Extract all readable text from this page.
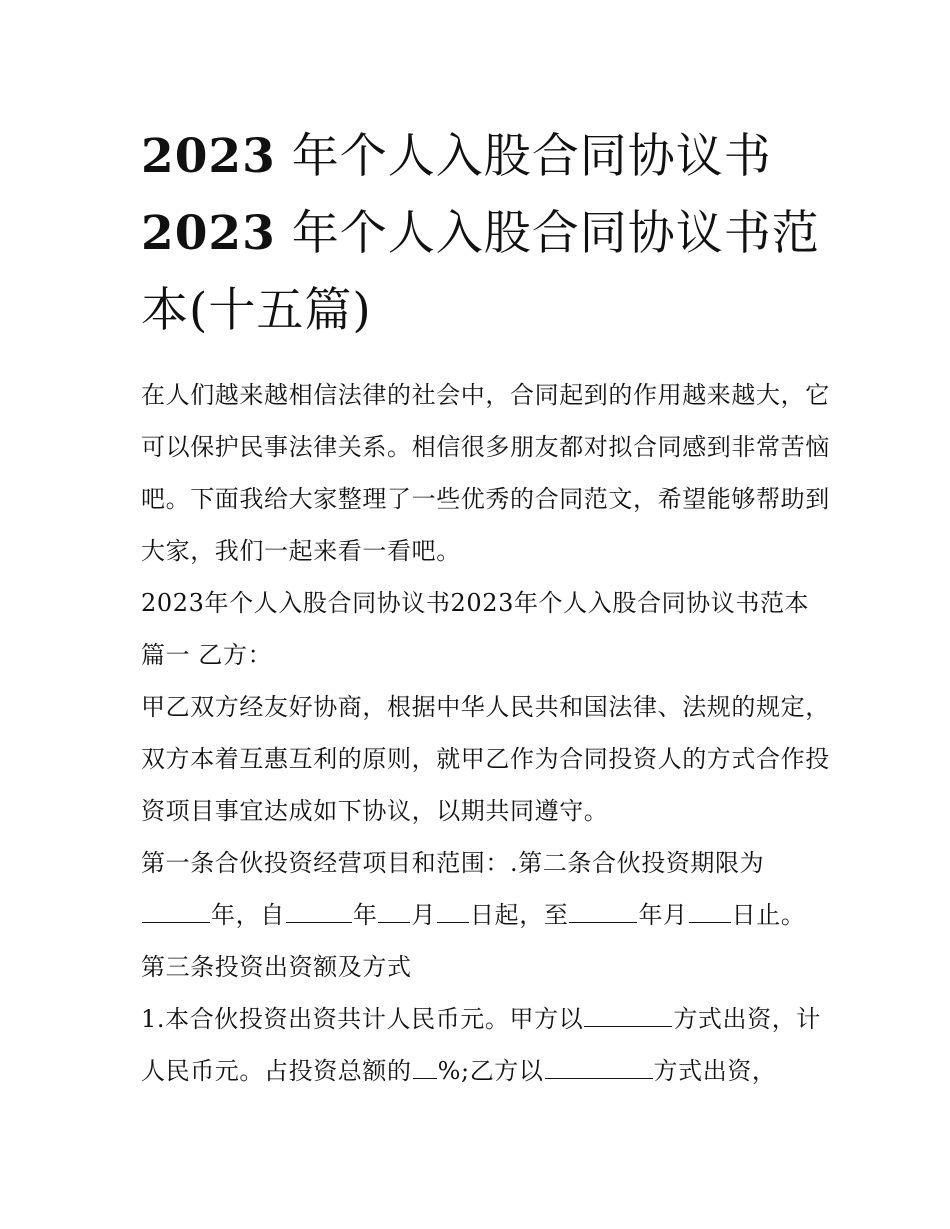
2023 年个人入股合同协议书
2023 年个人入股合同协议书范本(十五篇)

在人们越来越相信法律的社会中，合同起到的作用越来越大，它可以保护民事法律关系。相信很多朋友都对拟合同感到非常苦恼吧。下面我给大家整理了一些优秀的合同范文，希望能够帮助到大家，我们一起来看一看吧。

2023年个人入股合同协议书2023年个人入股合同协议书范本篇一 乙方：

甲乙双方经友好协商，根据中华人民共和国法律、法规的规定，双方本着互惠互利的原则，就甲乙作为合同投资人的方式合作投资项目事宜达成如下协议，以期共同遵守。

第一条合伙投资经营项目和范围：.第二条合伙投资期限为
年，自	年 月 日起，至	年月 日止。

第三条投资出资额及方式

1.本合伙投资出资共计人民币元。甲方以	方式出资，计人民币元。占投资总额的 %;乙方以	方式出资，
